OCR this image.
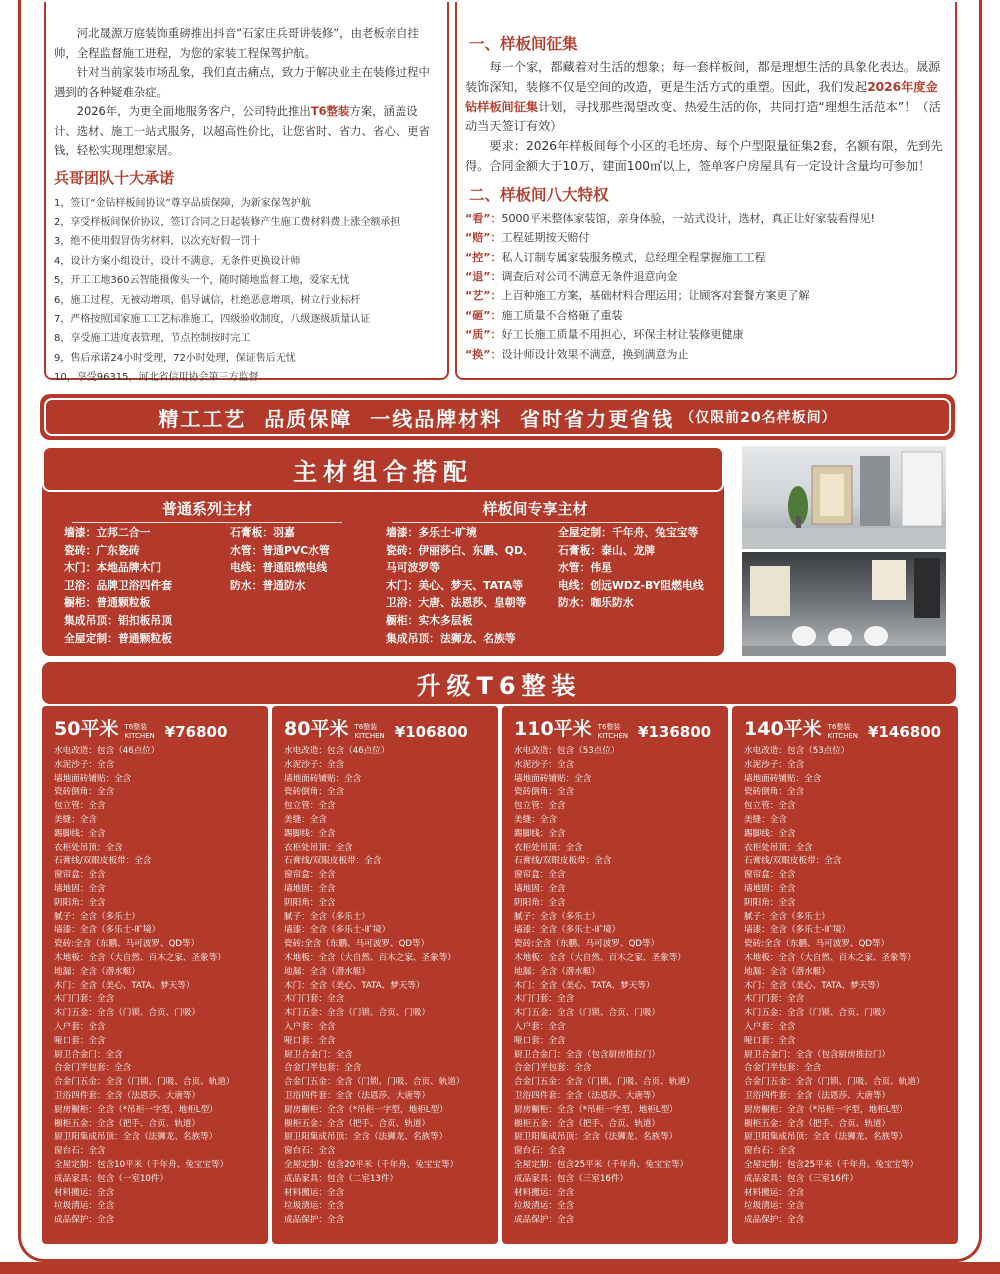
河北晟源万庭装饰重磅推出抖音“石家庄兵哥讲装修”，由老板亲自挂帅，全程监督施工进程，为您的家装工程保驾护航。

针对当前家装市场乱象，我们直击痛点，致力于解决业主在装修过程中遇到的各种疑难杂症。

2026年，为更全面地服务客户，公司特此推出T6整装方案，涵盖设计、选材、施工一站式服务，以超高性价比，让您省时、省力、省心、更省钱，轻松实现理想家居。

兵哥团队十大承诺
1，签订“金钻样板间协议”尊享品质保障，为新家保驾护航
2，享受样板间保价协议，签订合同之日起装修产生施工费材料费上涨全额承担
3，绝不使用假冒伪劣材料，以次充好假一罚十
4，设计方案小组设计，设计不满意，无条件更换设计师
5，开工工地360云智能摄像头一个，随时随地监督工地，爱家无忧
6，施工过程，无被动增项，倡导诚信，杜绝恶意增项，树立行业标杆
7，严格按照国家施工工艺标准施工，四级验收制度，八级逐级质量认证
8，享受施工进度表管理，节点控制按时完工
9，售后承诺24小时受理，72小时处理，保证售后无忧
10，享受96315，河北省信用协会第三方监督
一、样板间征集

每一个家，都藏着对生活的想象；每一套样板间，都是理想生活的具象化表达。晟源装饰深知，装修不仅是空间的改造，更是生活方式的重塑。因此，我们发起2026年度金钻样板间征集计划，寻找那些渴望改变、热爱生活的你，共同打造“理想生活范本”！（活动当天签订有效）

要求：2026年样板间每个小区的毛坯房、每个户型限量征集2套，名额有限，先到先得。合同金额大于10万，建面100㎡以上，签单客户房屋具有一定设计含量均可参加！

二、样板间八大特权
“看”：5000平米整体家装馆，亲身体验，一站式设计，选材，真正让好家装看得见!
“赔”：工程延期按天赔付
“控”：私人订制专属家装服务模式，总经理全程掌握施工工程
“退”：调查后对公司不满意无条件退意向金
“艺”：上百种施工方案，基础材料合理运用；让顾客对套餐方案更了解
“砸”：施工质量不合格砸了重装
“质”：好工长施工质量不用担心，环保主材让装修更健康
“换”：设计师设计效果不满意，换到满意为止
精工工艺  品质保障  一线品牌材料  省时省力更省钱 （仅限前20名样板间）
主材组合搭配
普通系列主材
墙漆：立邦二合一
瓷砖：广东瓷砖
木门：本地品牌木门
卫浴：品牌卫浴四件套
橱柜：普通颗粒板
集成吊顶：铝扣板吊顶
全屋定制：普通颗粒板
石膏板：羽嘉
水管：普通PVC水管
电线：普通阻燃电线
防水：普通防水
样板间专享主材
墙漆：多乐士-旷境
瓷砖：伊丽莎白、东鹏、QD、
马可波罗等
木门：美心、梦天、TATA等
卫浴：大唐、法恩莎、皇朝等
橱柜：实木多层板
集成吊顶：法狮龙、名族等
全屋定制：千年舟、兔宝宝等
石膏板：泰山、龙牌
水管：伟星
电线：创远WDZ-BY阻燃电线
防水：咖乐防水
升级T6整装
50平米 T6整装
KITCHEN ¥76800
水电改造：包含（46点位）
水泥沙子：全含
墙地面砖铺贴：全含
瓷砖倒角：全含
包立管：全含
美缝：全含
踢脚线：全含
衣柜处吊顶：全含
石膏线/双眼皮板带：全含
窗帘盒：全含
墙地固：全含
阴阳角：全含
腻子：全含（多乐士）
墙漆：全含（多乐士-旷境）
瓷砖:全含（东鹏、马可波罗、QD等）
木地板：全含（大自然、百木之家、圣象等）
地漏：全含（潜水艇）
木门：全含（美心、TATA、梦天等）
木门门套：全含
木门五金：全含（门锁、合页、门吸）
入户套：全含
哑口套：全含
厨卫合金门：全含
合金门半包套：全含
合金门五金：全含（门锁、门吸、合页、轨道）
卫浴四件套：全含（法恩莎、大唐等）
厨房橱柜：全含（*吊柜一字型，地柜L型）
橱柜五金：全含（把手、合页、轨道）
厨卫阳集成吊顶：全含（法狮龙、名族等）
窗台石：全含
全屋定制：包含10平米（千年舟、兔宝宝等）
成品家具：包含（一室10件）
材料搬运：全含
垃圾清运：全含
成品保护：全含
80平米 T6整装
KITCHEN ¥106800
水电改造：包含（46点位）
水泥沙子：全含
墙地面砖铺贴：全含
瓷砖倒角：全含
包立管：全含
美缝：全含
踢脚线：全含
衣柜处吊顶：全含
石膏线/双眼皮板带：全含
窗帘盒：全含
墙地固：全含
阴阳角：全含
腻子：全含（多乐士）
墙漆：全含（多乐士-旷境）
瓷砖:全含（东鹏、马可波罗、QD等）
木地板：全含（大自然、百木之家、圣象等）
地漏：全含（潜水艇）
木门：全含（美心、TATA、梦天等）
木门门套：全含
木门五金：全含（门锁、合页、门吸）
入户套：全含
哑口套：全含
厨卫合金门：全含
合金门半包套：全含
合金门五金：全含（门锁、门吸、合页、轨道）
卫浴四件套：全含（法恩莎、大唐等）
厨房橱柜：全含（*吊柜一字型，地柜L型）
橱柜五金：全含（把手、合页、轨道）
厨卫阳集成吊顶：全含（法狮龙、名族等）
窗台石：全含
全屋定制：包含20平米（千年舟、兔宝宝等）
成品家具：包含（二室13件）
材料搬运：全含
垃圾清运：全含
成品保护：全含
110平米 T6整装
KITCHEN ¥136800
水电改造：包含（53点位）
水泥沙子：全含
墙地面砖铺贴：全含
瓷砖倒角：全含
包立管：全含
美缝：全含
踢脚线：全含
衣柜处吊顶：全含
石膏线/双眼皮板带：全含
窗帘盒：全含
墙地固：全含
阴阳角：全含
腻子：全含（多乐士）
墙漆：全含（多乐士-旷境）
瓷砖:全含（东鹏、马可波罗、QD等）
木地板：全含（大自然、百木之家、圣象等）
地漏：全含（潜水艇）
木门：全含（美心、TATA、梦天等）
木门门套：全含
木门五金：全含（门锁、合页、门吸）
入户套：全含
哑口套：全含
厨卫合金门：全含（包含厨房推拉门）
合金门半包套：全含
合金门五金：全含（门锁、门吸、合页、轨道）
卫浴四件套：全含（法恩莎、大唐等）
厨房橱柜：全含（*吊柜一字型，地柜L型）
橱柜五金：全含（把手、合页、轨道）
厨卫阳集成吊顶：全含（法狮龙、名族等）
窗台石：全含
全屋定制：包含25平米（千年舟、兔宝宝等）
成品家具：包含（三室16件）
材料搬运：全含
垃圾清运：全含
成品保护：全含
140平米 T6整装
KITCHEN ¥146800
水电改造：包含（53点位）
水泥沙子：全含
墙地面砖铺贴：全含
瓷砖倒角：全含
包立管：全含
美缝：全含
踢脚线：全含
衣柜处吊顶：全含
石膏线/双眼皮板带：全含
窗帘盒：全含
墙地固：全含
阴阳角：全含
腻子：全含（多乐士）
墙漆：全含（多乐士-旷境）
瓷砖:全含（东鹏、马可波罗、QD等）
木地板：全含（大自然、百木之家、圣象等）
地漏：全含（潜水艇）
木门：全含（美心、TATA、梦天等）
木门门套：全含
木门五金：全含（门锁、合页、门吸）
入户套：全含
哑口套：全含
厨卫合金门：全含（包含厨房推拉门）
合金门半包套：全含
合金门五金：全含（门锁、门吸、合页、轨道）
卫浴四件套：全含（法恩莎、大唐等）
厨房橱柜：全含（*吊柜一字型，地柜L型）
橱柜五金：全含（把手、合页、轨道）
厨卫阳集成吊顶：全含（法狮龙、名族等）
窗台石：全含
全屋定制：包含25平米（千年舟、兔宝宝等）
成品家具：包含（三室16件）
材料搬运：全含
垃圾清运：全含
成品保护：全含
